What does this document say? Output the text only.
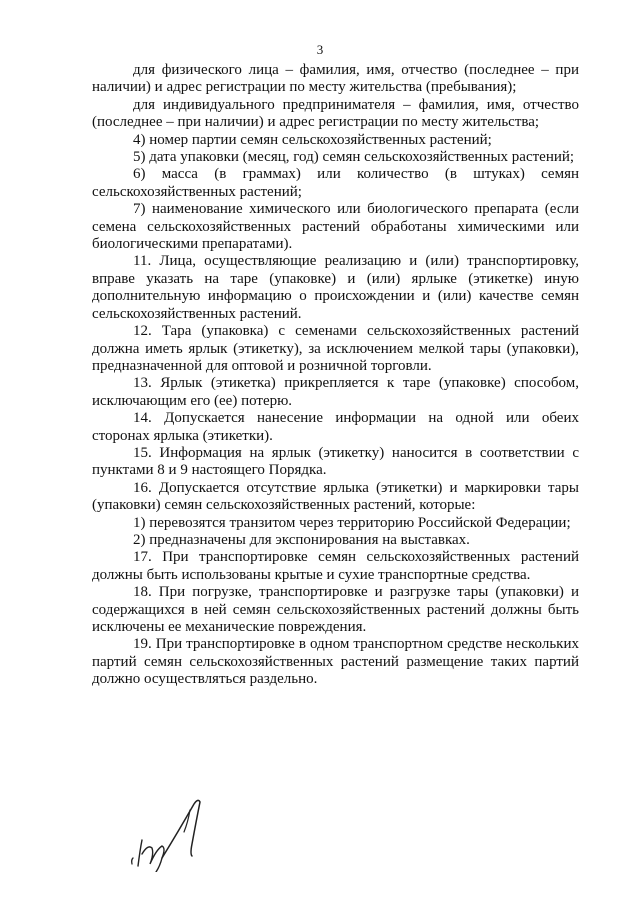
3

для физического лица – фамилия, имя, отчество (последнее – при наличии) и адрес регистрации по месту жительства (пребывания);

для индивидуального предпринимателя – фамилия, имя, отчество (последнее – при наличии) и адрес регистрации по месту жительства;

4) номер партии семян сельскохозяйственных растений;

5) дата упаковки (месяц, год) семян сельскохозяйственных растений;

6) масса (в граммах) или количество (в штуках) семян сельскохозяйственных растений;

7) наименование химического или биологического препарата (если семена сельскохозяйственных растений обработаны химическими или биологическими препаратами).

11. Лица, осуществляющие реализацию и (или) транспортировку, вправе указать на таре (упаковке) и (или) ярлыке (этикетке) иную дополнительную информацию о происхождении и (или) качестве семян сельскохозяйственных растений.

12. Тара (упаковка) с семенами сельскохозяйственных растений должна иметь ярлык (этикетку), за исключением мелкой тары (упаковки), предназначенной для оптовой и розничной торговли.

13. Ярлык (этикетка) прикрепляется к таре (упаковке) способом, исключающим его (ее) потерю.

14. Допускается нанесение информации на одной или обеих сторонах ярлыка (этикетки).

15. Информация на ярлык (этикетку) наносится в соответствии с пунктами 8 и 9 настоящего Порядка.

16. Допускается отсутствие ярлыка (этикетки) и маркировки тары (упаковки) семян сельскохозяйственных растений, которые:

1) перевозятся транзитом через территорию Российской Федерации;

2) предназначены для экспонирования на выставках.

17. При транспортировке семян сельскохозяйственных растений должны быть использованы крытые и сухие транспортные средства.

18. При погрузке, транспортировке и разгрузке тары (упаковки) и содержащихся в ней семян сельскохозяйственных растений должны быть исключены ее механические повреждения.

19. При транспортировке в одном транспортном средстве нескольких партий семян сельскохозяйственных растений размещение таких партий должно осуществляться раздельно.
